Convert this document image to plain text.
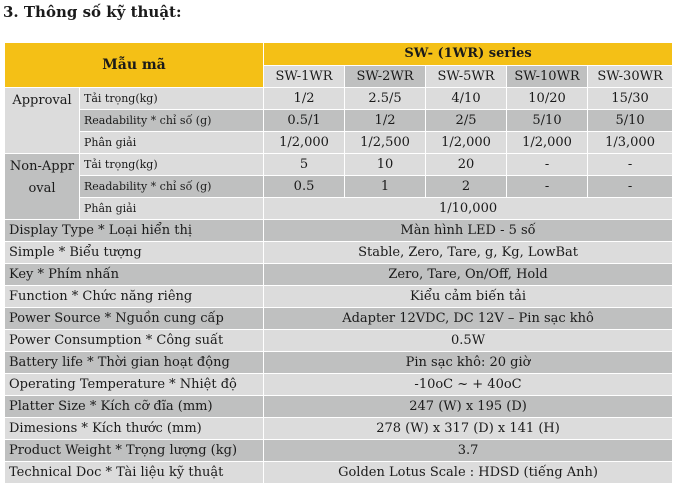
3. Thông số kỹ thuật:
Mẫu mã		SW- (1WR) series				
		SW-1WR	SW-2WR	SW-5WR	SW-10WR	SW-30WR
Approval	Tải trọng(kg)	1/2	2.5/5	4/10	10/20	15/30
	Readability * chỉ số (g)	0.5/1	1/2	2/5	5/10	5/10
	Phân giải	1/2,000	1/2,500	1/2,000	1/2,000	1/3,000
Non-Approval	Tải trọng(kg)	5	10	20	-	-
	Readability * chỉ số (g)	0.5	1	2	-	-
	Phân giải	1/10,000				
Display Type * Loại hiển thị		Màn hình LED - 5 số				
Simple * Biểu tượng		Stable, Zero, Tare, g, Kg, LowBat				
Key * Phím nhấn		Zero, Tare, On/Off, Hold				
Function * Chức năng riêng		Kiểu cảm biến tải				
Power Source * Nguồn cung cấp		Adapter 12VDC, DC 12V – Pin sạc khô				
Power Consumption * Công suất		0.5W				
Battery life * Thời gian hoạt động		Pin sạc khô: 20 giờ				
Operating Temperature * Nhiệt độ		-10oC ~ + 40oC				
Platter Size * Kích cỡ đĩa (mm)		247 (W) x 195 (D)				
Dimesions * Kích thước (mm)		278 (W) x 317 (D) x 141 (H)				
Product Weight * Trọng lượng (kg)		3.7				
Technical Doc * Tài liệu kỹ thuật		Golden Lotus Scale : HDSD (tiếng Anh)				
